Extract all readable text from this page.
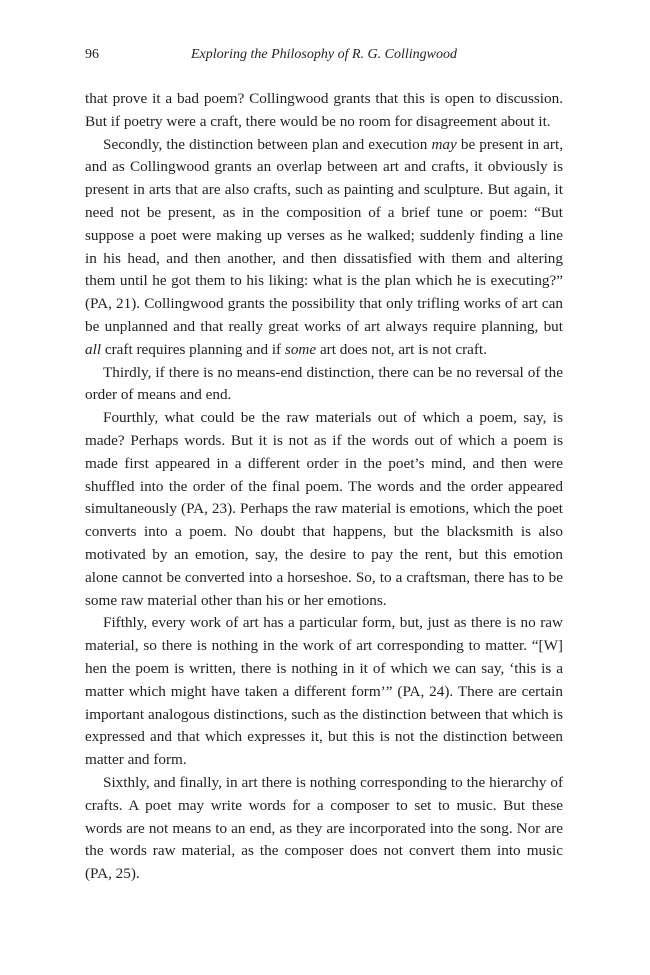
96	Exploring the Philosophy of R. G. Collingwood

that prove it a bad poem? Collingwood grants that this is open to discussion. But if poetry were a craft, there would be no room for disagreement about it.

Secondly, the distinction between plan and execution may be present in art, and as Collingwood grants an overlap between art and crafts, it obviously is present in arts that are also crafts, such as painting and sculpture. But again, it need not be present, as in the composition of a brief tune or poem: “But suppose a poet were making up verses as he walked; suddenly finding a line in his head, and then another, and then dissatisfied with them and altering them until he got them to his liking: what is the plan which he is executing?” (PA, 21). Collingwood grants the possibility that only trifling works of art can be unplanned and that really great works of art always require planning, but all craft requires planning and if some art does not, art is not craft.

Thirdly, if there is no means-end distinction, there can be no reversal of the order of means and end.

Fourthly, what could be the raw materials out of which a poem, say, is made? Perhaps words. But it is not as if the words out of which a poem is made first appeared in a different order in the poet’s mind, and then were shuffled into the order of the final poem. The words and the order appeared simultaneously (PA, 23). Perhaps the raw material is emotions, which the poet converts into a poem. No doubt that happens, but the blacksmith is also motivated by an emotion, say, the desire to pay the rent, but this emotion alone cannot be converted into a horseshoe. So, to a craftsman, there has to be some raw material other than his or her emotions.

Fifthly, every work of art has a particular form, but, just as there is no raw material, so there is nothing in the work of art corresponding to matter. “[W] hen the poem is written, there is nothing in it of which we can say, ‘this is a matter which might have taken a different form’” (PA, 24). There are certain important analogous distinctions, such as the distinction between that which is expressed and that which expresses it, but this is not the distinction between matter and form.

Sixthly, and finally, in art there is nothing corresponding to the hierarchy of crafts. A poet may write words for a composer to set to music. But these words are not means to an end, as they are incorporated into the song. Nor are the words raw material, as the composer does not convert them into music (PA, 25).
